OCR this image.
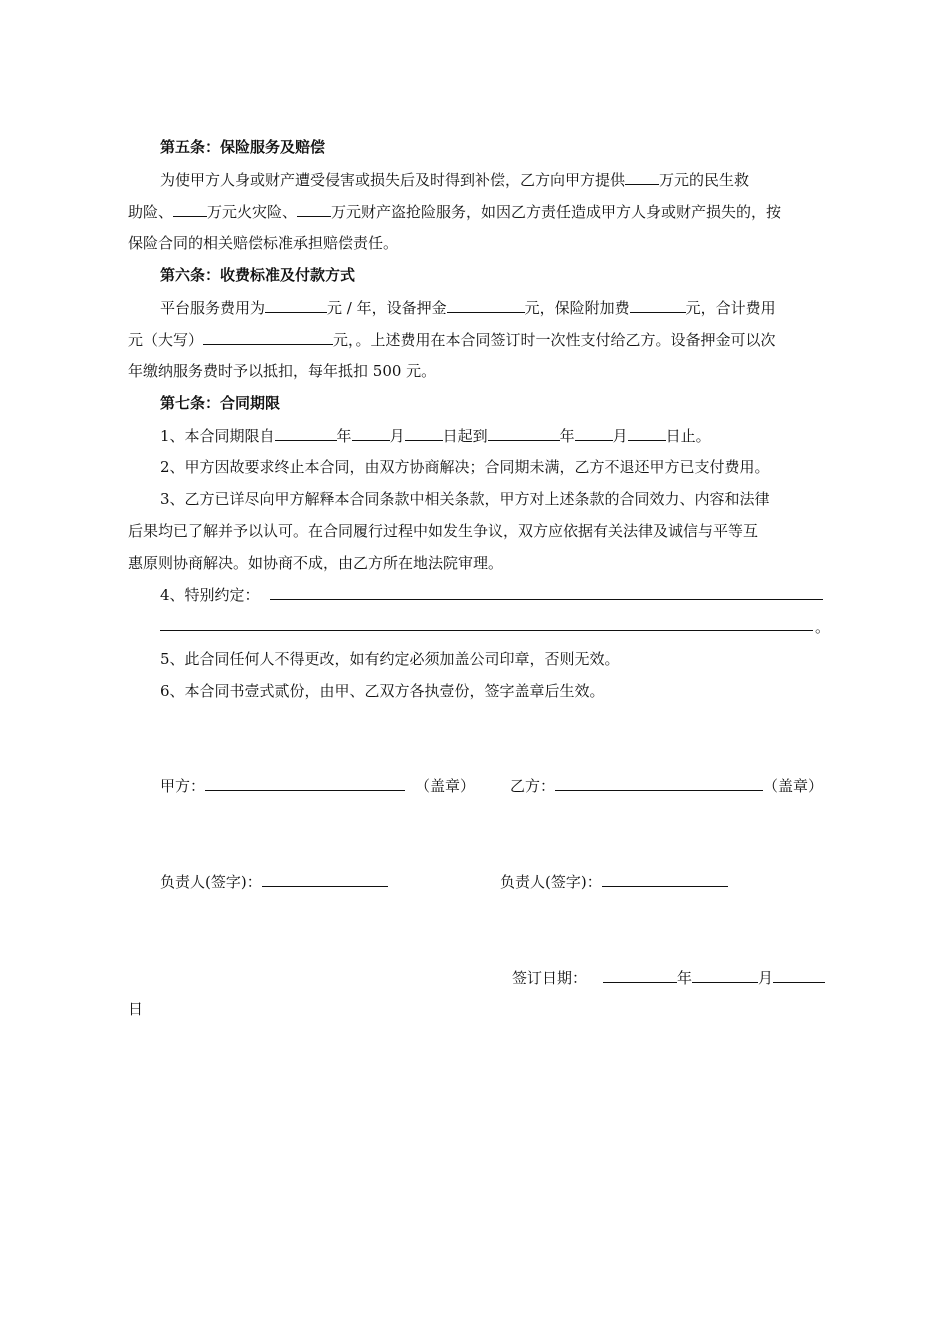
第五条：保险服务及赔偿
为使甲方人身或财产遭受侵害或损失后及时得到补偿，乙方向甲方提供 万元的民生救
助险、 万元火灾险、 万元财产盗抢险服务，如因乙方责任造成甲方人身或财产损失的，按
保险合同的相关赔偿标准承担赔偿责任。
第六条：收费标准及付款方式
平台服务费用为	元 / 年，设备押金	元，保险附加费	元，合计费用
元（大写）	元，。上述费用在本合同签订时一次性支付给乙方。设备押金可以次
年缴纳服务费时予以抵扣，每年抵扣 500 元。
第七条：合同期限
1、本合同期限自	年	月	日起到	年	月	日止。
2、甲方因故要求终止本合同，由双方协商解决；合同期未满，乙方不退还甲方已支付费用。
3、乙方已详尽向甲方解释本合同条款中相关条款，甲方对上述条款的合同效力、内容和法律
后果均已了解并予以认可。在合同履行过程中如发生争议，双方应依据有关法律及诚信与平等互
惠原则协商解决。如协商不成，由乙方所在地法院审理。
4、特别约定：
。
5、此合同任何人不得更改，如有约定必须加盖公司印章，否则无效。
6、本合同书壹式贰份，由甲、乙双方各执壹份，签字盖章后生效。
甲方：	（盖章） 乙方：	（盖章）
负责人(签字)：	负责人(签字)：
签订日期：	年	月
日
